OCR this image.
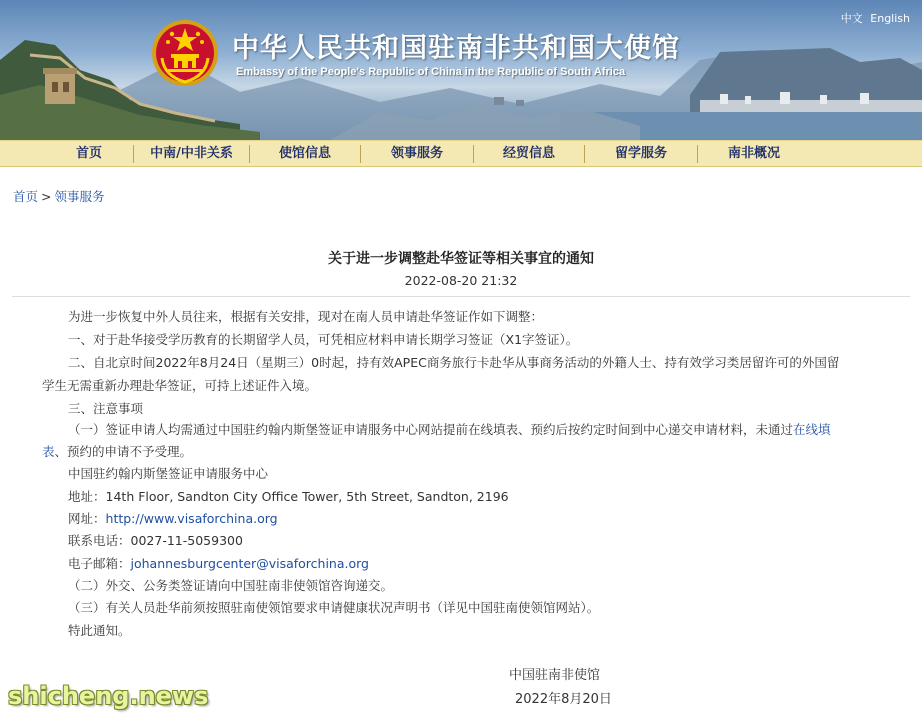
中文 English
中华人民共和国驻南非共和国大使馆
Embassy of the People's Republic of China in the Republic of South Africa
首页	中南/中非关系	使馆信息	领事服务	经贸信息	留学服务	南非概况
首页 > 领事服务
关于进一步调整赴华签证等相关事宜的通知
2022-08-20 21:32
为进一步恢复中外人员往来，根据有关安排，现对在南人员申请赴华签证作如下调整：
一、对于赴华接受学历教育的长期留学人员，可凭相应材料申请长期学习签证（X1字签证）。
二、自北京时间2022年8月24日（星期三）0时起，持有效APEC商务旅行卡赴华从事商务活动的外籍人士、持有效学习类居留许可的外国留
学生无需重新办理赴华签证，可持上述证件入境。
三、注意事项
（一）签证申请人均需通过中国驻约翰内斯堡签证申请服务中心网站提前在线填表、预约后按约定时间到中心递交申请材料，未通过在线填
表、预约的申请不予受理。
中国驻约翰内斯堡签证申请服务中心
地址：14th Floor, Sandton City Office Tower, 5th Street, Sandton, 2196
网址：http://www.visaforchina.org
联系电话：0027-11-5059300
电子邮箱：johannesburgcenter@visaforchina.org
（二）外交、公务类签证请向中国驻南非使领馆咨询递交。
（三）有关人员赴华前须按照驻南使领馆要求申请健康状况声明书（详见中国驻南使领馆网站）。
特此通知。
中国驻南非使馆
2022年8月20日
shicheng.news
